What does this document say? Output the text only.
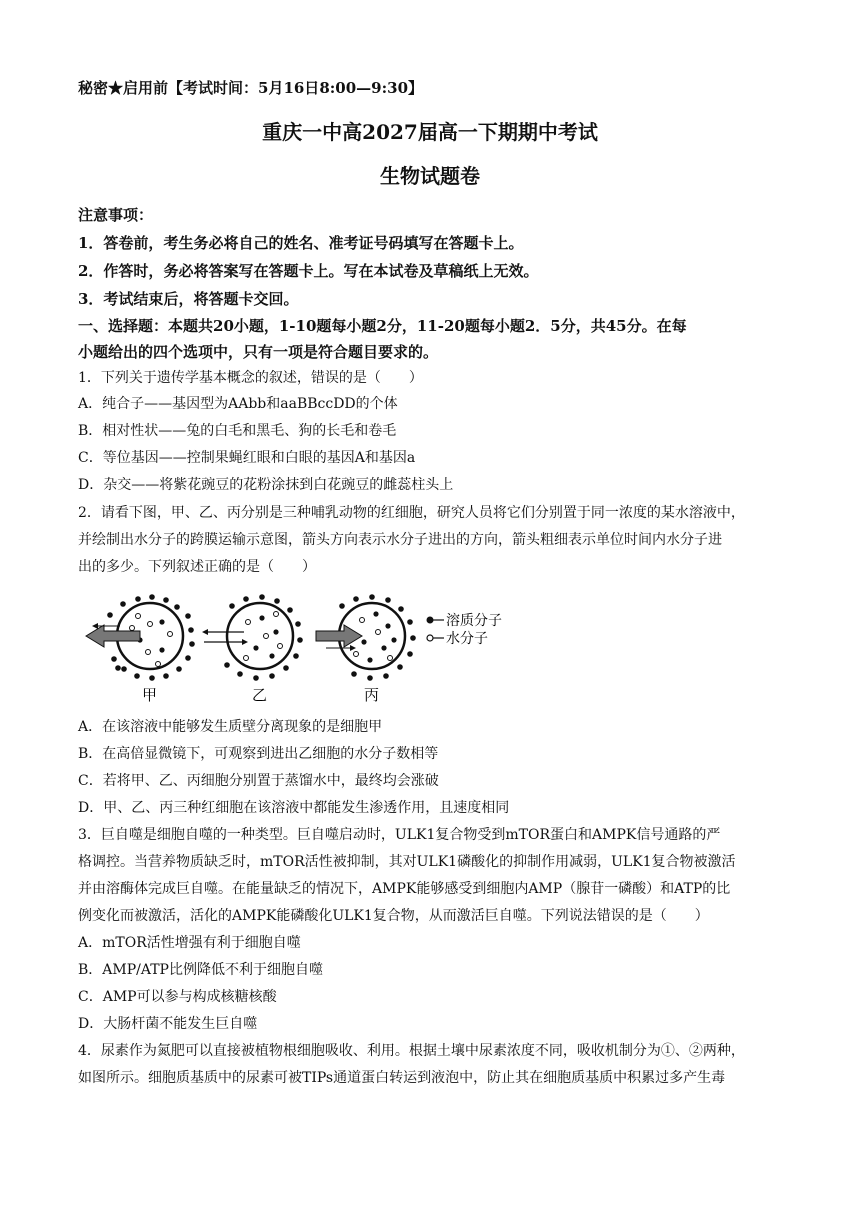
秘密★启用前【考试时间：5月16日8:00—9:30】
重庆一中高2027届高一下期期中考试
生物试题卷
注意事项：
1．答卷前，考生务必将自己的姓名、准考证号码填写在答题卡上。
2．作答时，务必将答案写在答题卡上。写在本试卷及草稿纸上无效。
3．考试结束后，将答题卡交回。
一、选择题：本题共20小题，1-10题每小题2分，11-20题每小题2．5分，共45分。在每
小题给出的四个选项中，只有一项是符合题目要求的。
1．下列关于遗传学基本概念的叙述，错误的是（　　）
A．纯合子——基因型为AAbb和aaBBccDD的个体
B．相对性状——兔的白毛和黑毛、狗的长毛和卷毛
C．等位基因——控制果蝇红眼和白眼的基因A和基因a
D．杂交——将紫花豌豆的花粉涂抹到白花豌豆的雌蕊柱头上
2．请看下图，甲、乙、丙分别是三种哺乳动物的红细胞，研究人员将它们分别置于同一浓度的某水溶液中，
并绘制出水分子的跨膜运输示意图，箭头方向表示水分子进出的方向，箭头粗细表示单位时间内水分子进
出的多少。下列叙述正确的是（　　）
溶质分子
水分子
甲	乙	丙
A．在该溶液中能够发生质壁分离现象的是细胞甲
B．在高倍显微镜下，可观察到进出乙细胞的水分子数相等
C．若将甲、乙、丙细胞分别置于蒸馏水中，最终均会涨破
D．甲、乙、丙三种红细胞在该溶液中都能发生渗透作用，且速度相同
3．巨自噬是细胞自噬的一种类型。巨自噬启动时，ULK1复合物受到mTOR蛋白和AMPK信号通路的严
格调控。当营养物质缺乏时，mTOR活性被抑制，其对ULK1磷酸化的抑制作用减弱，ULK1复合物被激活
并由溶酶体完成巨自噬。在能量缺乏的情况下，AMPK能够感受到细胞内AMP（腺苷一磷酸）和ATP的比
例变化而被激活，活化的AMPK能磷酸化ULK1复合物，从而激活巨自噬。下列说法错误的是（　　）
A．mTOR活性增强有利于细胞自噬
B．AMP/ATP比例降低不利于细胞自噬
C．AMP可以参与构成核糖核酸
D．大肠杆菌不能发生巨自噬
4．尿素作为氮肥可以直接被植物根细胞吸收、利用。根据土壤中尿素浓度不同，吸收机制分为①、②两种，
如图所示。细胞质基质中的尿素可被TIPs通道蛋白转运到液泡中，防止其在细胞质基质中积累过多产生毒
